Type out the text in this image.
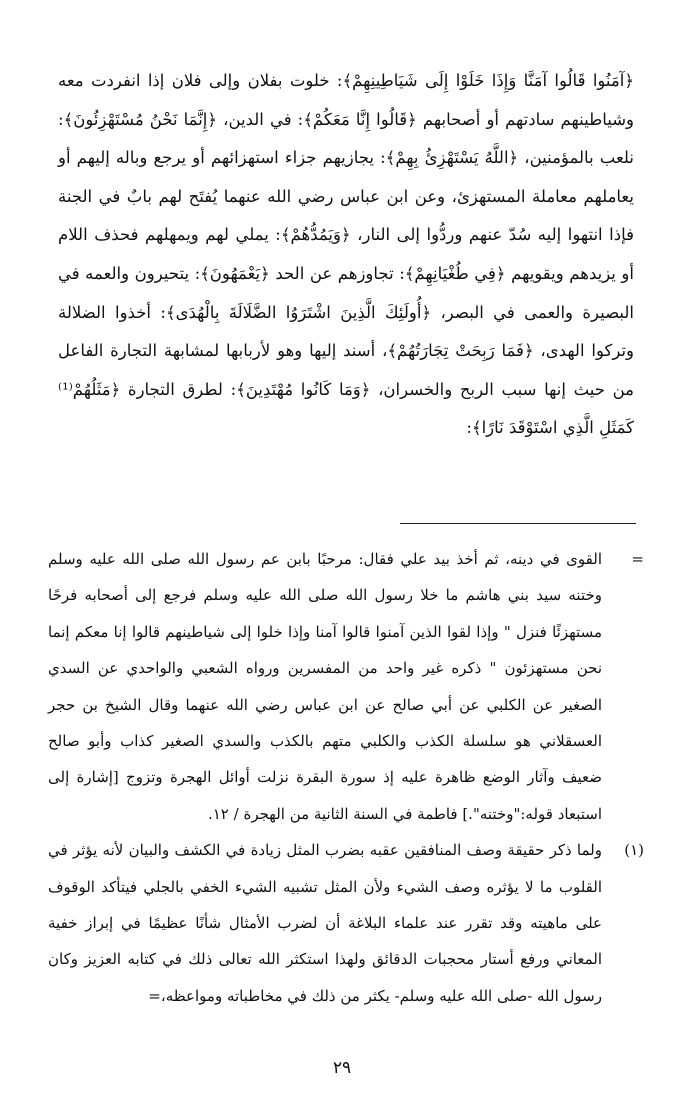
﴿آمَنُوا قَالُوا آمَنَّا وَإِذَا خَلَوْا إِلَى شَيَاطِينِهِمْ﴾: خلوت بفلان وإلى فلان إذا انفردت معه وشياطينهم سادتهم أو أصحابهم ﴿قَالُوا إِنَّا مَعَكُمْ﴾: في الدين، ﴿إِنَّمَا نَحْنُ مُسْتَهْزِئُونَ﴾: نلعب بالمؤمنين، ﴿اللَّهُ يَسْتَهْزِئُ بِهِمْ﴾: يجازيهم جزاء استهزائهم أو يرجع وباله إليهم أو يعاملهم معاملة المستهزئ، وعن ابن عباس رضي الله عنهما يُفتَح لهم بابٌ في الجنة فإذا انتهوا إليه سُدّ عنهم وردُّوا إلى النار، ﴿وَيَمُدُّهُمْ﴾: يملي لهم ويمهلهم فحذف اللام أو يزيدهم ويقويهم ﴿فِي طُغْيَانِهِمْ﴾: تجاوزهم عن الحد ﴿يَعْمَهُونَ﴾: يتحيرون والعمه في البصيرة والعمى في البصر، ﴿أُولَئِكَ الَّذِينَ اشْتَرَوُا الضَّلَالَةَ بِالْهُدَى﴾: أخذوا الضلالة وتركوا الهدى، ﴿فَمَا رَبِحَتْ تِجَارَتُهُمْ﴾، أسند إليها وهو لأربابها لمشابهة التجارة الفاعل من حيث إنها سبب الربح والخسران، ﴿وَمَا كَانُوا مُهْتَدِينَ﴾: لطرق التجارة ﴿مَثَلُهُمْ⁽¹⁾ كَمَثَلِ الَّذِي اسْتَوْقَدَ نَارًا﴾:
=
القوى في دينه، ثم أخذ بيد علي فقال: مرحبًا بابن عم رسول الله صلى الله عليه وسلم وختنه سيد بني هاشم ما خلا رسول الله صلى الله عليه وسلم فرجع إلى أصحابه فرحًا مستهزئًا فنزل " وإذا لقوا الذين آمنوا قالوا آمنا وإذا خلوا إلى شياطينهم قالوا إنا معكم إنما نحن مستهزئون " ذكره غير واحد من المفسرين ورواه الشعبي والواحدي عن السدي الصغير عن الكلبي عن أبي صالح عن ابن عباس رضي الله عنهما وقال الشيخ بن حجر العسقلاني هو سلسلة الكذب والكلبي متهم بالكذب والسدي الصغير كذاب وأبو صالح ضعيف وآثار الوضع ظاهرة عليه إذ سورة البقرة نزلت أوائل الهجرة وتزوج [إشارة إلى استبعاد قوله:"وختنه".] فاطمة في السنة الثانية من الهجرة / ١٢.
(١)
ولما ذكر حقيقة وصف المنافقين عقبه بضرب المثل زيادة في الكشف والبيان لأنه يؤثر في القلوب ما لا يؤثره وصف الشيء ولأن المثل تشبيه الشيء الخفي بالجلي فيتأكد الوقوف على ماهيته وقد تقرر عند علماء البلاغة أن لضرب الأمثال شأنًا عظيمًا في إبراز خفية المعاني ورفع أستار محجبات الدقائق ولهذا استكثر الله تعالى ذلك في كتابه العزيز وكان رسول الله -صلى الله عليه وسلم- يكثر من ذلك في مخاطباته ومواعظه،=
٢٩
